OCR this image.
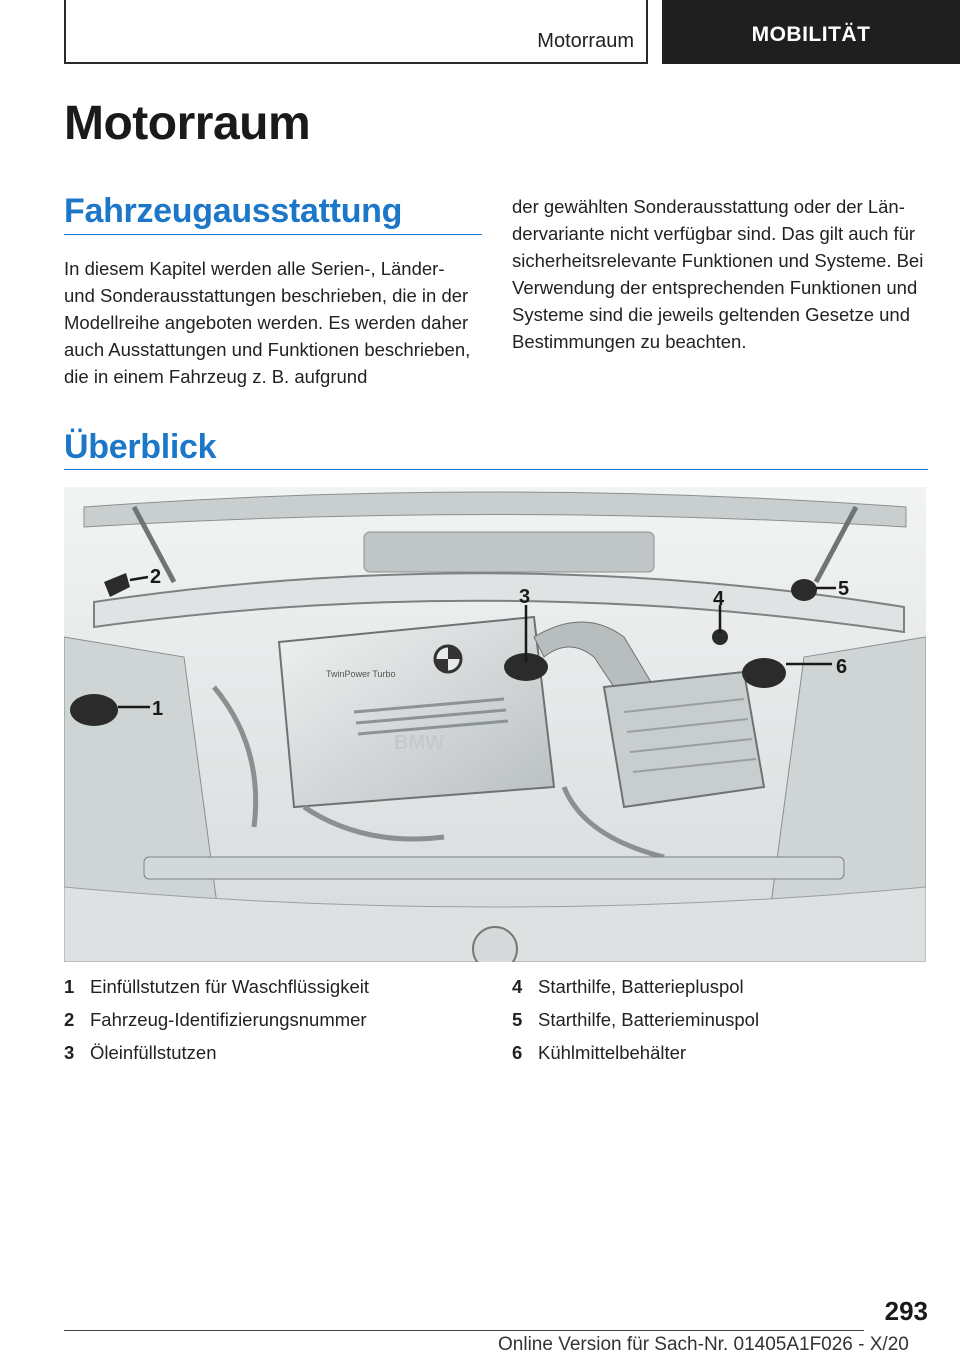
Motorraum	MOBILITÄT
Motorraum
Fahrzeugausstattung

In diesem Kapitel werden alle Serien-, Länder- und Sonderausstattungen beschrieben, die in der Modellreihe angeboten werden. Es werden daher auch Ausstattungen und Funktionen beschrieben, die in einem Fahrzeug z. B. aufgrund

der gewählten Sonderausstattung oder der Ländervariante nicht verfügbar sind. Das gilt auch für sicherheitsrelevante Funktionen und Systeme. Bei Verwendung der entsprechenden Funktionen und Systeme sind die jeweils geltenden Gesetze und Bestimmungen zu beachten.

Überblick
TwinPower Turbo
BMW
1
2
3	4	5
6
1 Einfüllstutzen für Waschflüssigkeit
2 Fahrzeug-Identifizierungsnummer
3 Öleinfüllstutzen
4 Starthilfe, Batteriepluspol
5 Starthilfe, Batterieminuspol
6 Kühlmittelbehälter
293
Online Version für Sach-Nr. 01405A1F026 - X/20
